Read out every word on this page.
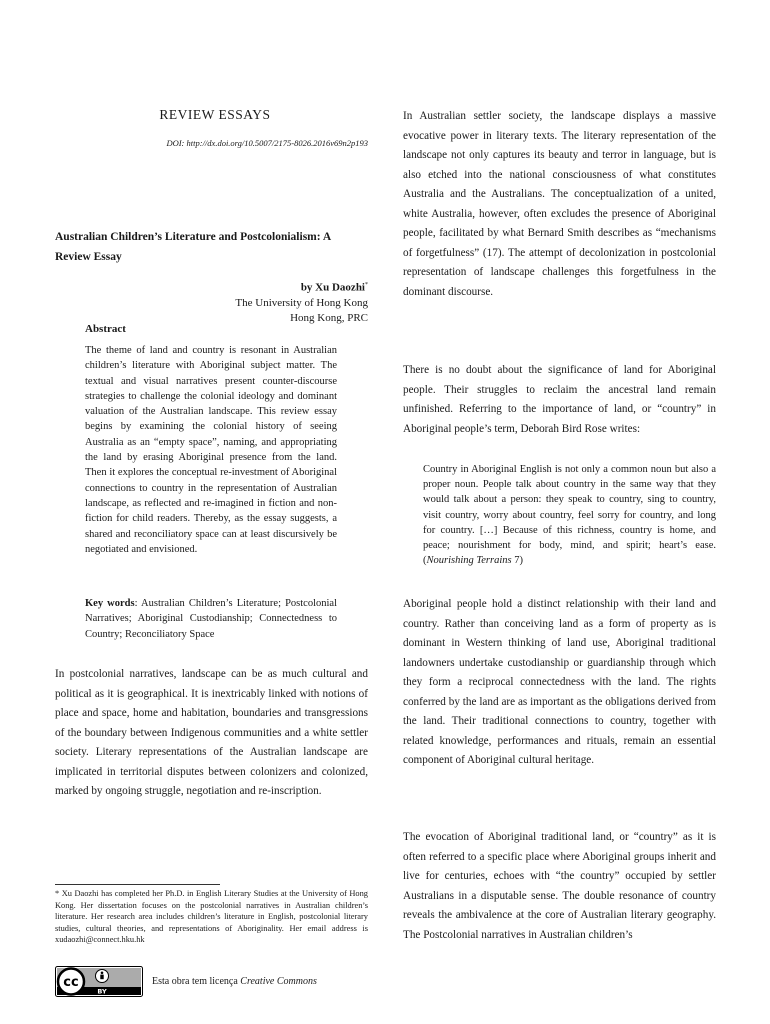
REVIEW ESSAYS
DOI: http://dx.doi.org/10.5007/2175-8026.2016v69n2p193
Australian Children’s Literature and Postcolonialism: A Review Essay
by Xu Daozhi*
The University of Hong Kong
Hong Kong, PRC
Abstract
The theme of land and country is resonant in Australian children’s literature with Aboriginal subject matter. The textual and visual narratives present counter-discourse strategies to challenge the colonial ideology and dominant valuation of the Australian landscape. This review essay begins by examining the colonial history of seeing Australia as an “empty space”, naming, and appropriating the land by erasing Aboriginal presence from the land. Then it explores the conceptual re-investment of Aboriginal connections to country in the representation of Australian landscape, as reflected and re-imagined in fiction and non-fiction for child readers. Thereby, as the essay suggests, a shared and reconciliatory space can at least discursively be negotiated and envisioned.
Key words: Australian Children’s Literature; Postcolonial Narratives; Aboriginal Custodianship; Connectedness to Country; Reconciliatory Space
In postcolonial narratives, landscape can be as much cultural and political as it is geographical. It is inextricably linked with notions of place and space, home and habitation, boundaries and transgressions of the boundary between Indigenous communities and a white settler society. Literary representations of the Australian landscape are implicated in territorial disputes between colonizers and colonized, marked by ongoing struggle, negotiation and re-inscription.
* Xu Daozhi has completed her Ph.D. in English Literary Studies at the University of Hong Kong. Her dissertation focuses on the postcolonial narratives in Australian children’s literature. Her research area includes children’s literature in English, postcolonial literary studies, cultural theories, and representations of Aboriginality. Her email address is xudaozhi@connect.hku.hk
cc
BY
Esta obra tem licença Creative Commons
In Australian settler society, the landscape displays a massive evocative power in literary texts. The literary representation of the landscape not only captures its beauty and terror in language, but is also etched into the national consciousness of what constitutes Australia and the Australians. The conceptualization of a united, white Australia, however, often excludes the presence of Aboriginal people, facilitated by what Bernard Smith describes as “mechanisms of forgetfulness” (17). The attempt of decolonization in postcolonial representation of landscape challenges this forgetfulness in the dominant discourse.
There is no doubt about the significance of land for Aboriginal people. Their struggles to reclaim the ancestral land remain unfinished. Referring to the importance of land, or “country” in Aboriginal people’s term, Deborah Bird Rose writes:
Country in Aboriginal English is not only a common noun but also a proper noun. People talk about country in the same way that they would talk about a person: they speak to country, sing to country, visit country, worry about country, feel sorry for country, and long for country. […] Because of this richness, country is home, and peace; nourishment for body, mind, and spirit; heart’s ease. (Nourishing Terrains 7)
Aboriginal people hold a distinct relationship with their land and country. Rather than conceiving land as a form of property as is dominant in Western thinking of land use, Aboriginal traditional landowners undertake custodianship or guardianship through which they form a reciprocal connectedness with the land. The rights conferred by the land are as important as the obligations derived from the land. Their traditional connections to country, together with related knowledge, performances and rituals, remain an essential component of Aboriginal cultural heritage.
The evocation of Aboriginal traditional land, or “country” as it is often referred to a specific place where Aboriginal groups inherit and live for centuries, echoes with “the country” occupied by settler Australians in a disputable sense. The double resonance of country reveals the ambivalence at the core of Australian literary geography. The Postcolonial narratives in Australian children’s
